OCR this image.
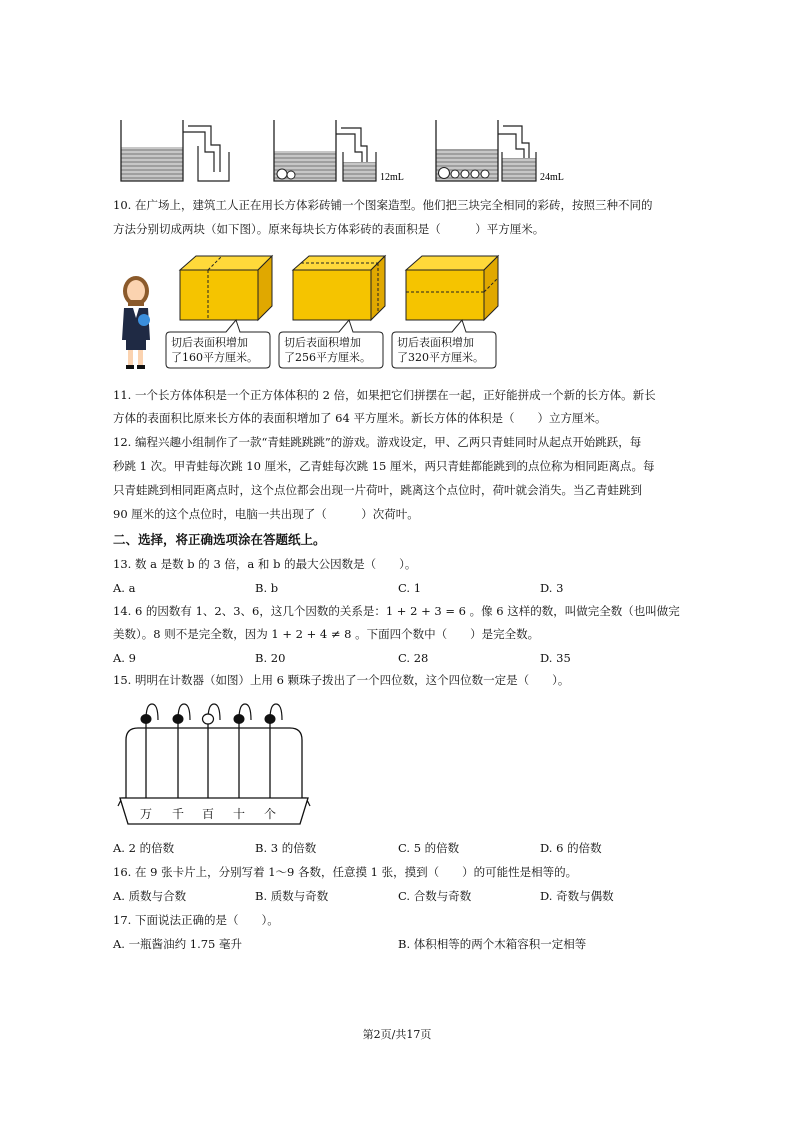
12mL	24mL
10. 在广场上，建筑工人正在用长方体彩砖铺一个图案造型。他们把三块完全相同的彩砖，按照三种不同的
方法分别切成两块（如下图）。原来每块长方体彩砖的表面积是（　　　）平方厘米。
切后表面积增加
了160平方厘米。
切后表面积增加
了256平方厘米。
切后表面积增加
了320平方厘米。
11. 一个长方体体积是一个正方体体积的 2 倍，如果把它们拼摆在一起，正好能拼成一个新的长方体。新长
方体的表面积比原来长方体的表面积增加了 64 平方厘米。新长方体的体积是（　　）立方厘米。
12. 编程兴趣小组制作了一款“青蛙跳跳跳”的游戏。游戏设定，甲、乙两只青蛙同时从起点开始跳跃，每
秒跳 1 次。甲青蛙每次跳 10 厘米，乙青蛙每次跳 15 厘米，两只青蛙都能跳到的点位称为相同距离点。每
只青蛙跳到相同距离点时，这个点位都会出现一片荷叶，跳离这个点位时，荷叶就会消失。当乙青蛙跳到
90 厘米的这个点位时，电脑一共出现了（　　　）次荷叶。
二、选择，将正确选项涂在答题纸上。
13. 数 a 是数 b 的 3 倍，a 和 b 的最大公因数是（　　）。
A. a	B. b	C. 1	D. 3
14. 6 的因数有 1、2、3、6，这几个因数的关系是：1 + 2 + 3 = 6 。像 6 这样的数，叫做完全数（也叫做完
美数）。8 则不是完全数，因为 1 + 2 + 4 ≠ 8 。下面四个数中（　　）是完全数。
A. 9	B. 20	C. 28	D. 35
15. 明明在计数器（如图）上用 6 颗珠子拨出了一个四位数，这个四位数一定是（　　）。
万	千	百	十	个
A. 2 的倍数	B. 3 的倍数	C. 5 的倍数	D. 6 的倍数
16. 在 9 张卡片上，分别写着 1～9 各数，任意摸 1 张，摸到（　　）的可能性是相等的。
A. 质数与合数	B. 质数与奇数	C. 合数与奇数	D. 奇数与偶数
17. 下面说法正确的是（　　）。
A. 一瓶酱油约 1.75 毫升	B. 体积相等的两个木箱容积一定相等
第2页/共17页
